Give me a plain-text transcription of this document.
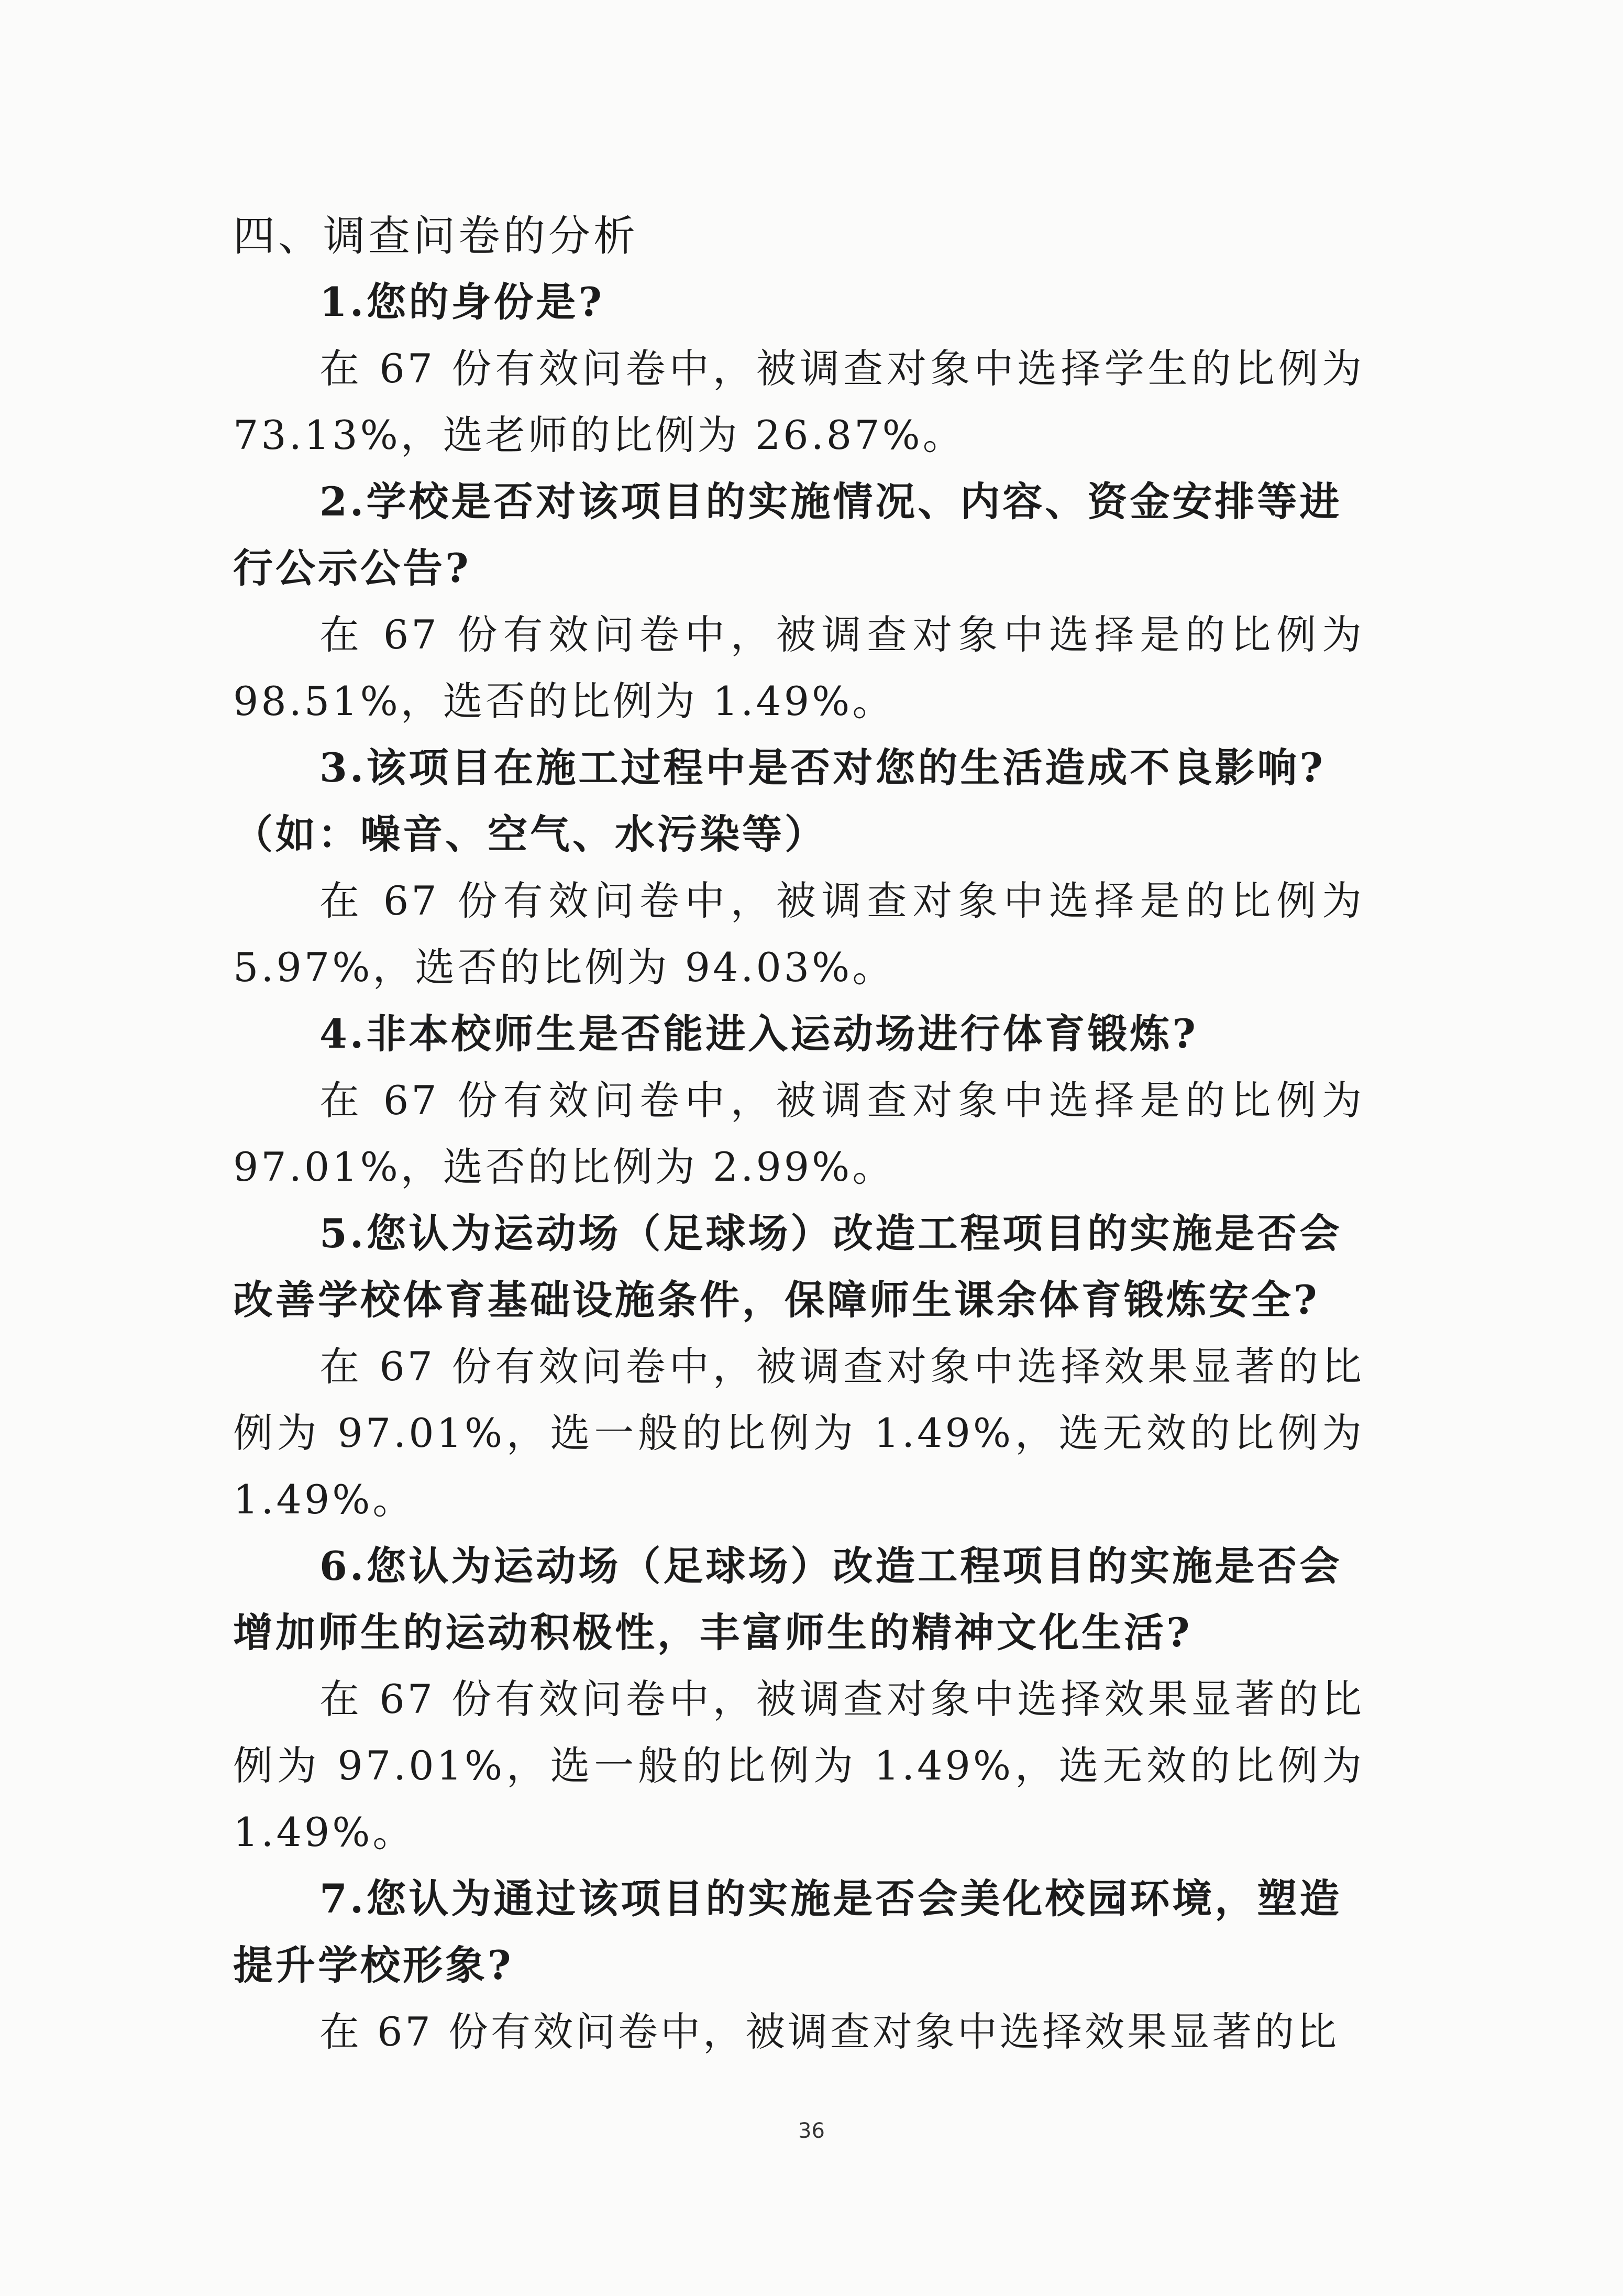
四、调查问卷的分析

1.您的身份是?

在 67 份有效问卷中，被调查对象中选择学生的比例为 73.13%，选老师的比例为 26.87%。

2.学校是否对该项目的实施情况、内容、资金安排等进行公示公告?

在 67 份有效问卷中，被调查对象中选择是的比例为 98.51%，选否的比例为 1.49%。

3.该项目在施工过程中是否对您的生活造成不良影响?（如：噪音、空气、水污染等）

在 67 份有效问卷中，被调查对象中选择是的比例为 5.97%，选否的比例为 94.03%。

4.非本校师生是否能进入运动场进行体育锻炼?

在 67 份有效问卷中，被调查对象中选择是的比例为 97.01%，选否的比例为 2.99%。

5.您认为运动场（足球场）改造工程项目的实施是否会改善学校体育基础设施条件，保障师生课余体育锻炼安全?

在 67 份有效问卷中，被调查对象中选择效果显著的比例为 97.01%，选一般的比例为 1.49%，选无效的比例为 1.49%。

6.您认为运动场（足球场）改造工程项目的实施是否会增加师生的运动积极性，丰富师生的精神文化生活?

在 67 份有效问卷中，被调查对象中选择效果显著的比例为 97.01%，选一般的比例为 1.49%，选无效的比例为 1.49%。

7.您认为通过该项目的实施是否会美化校园环境，塑造提升学校形象?

在 67 份有效问卷中，被调查对象中选择效果显著的比

36
